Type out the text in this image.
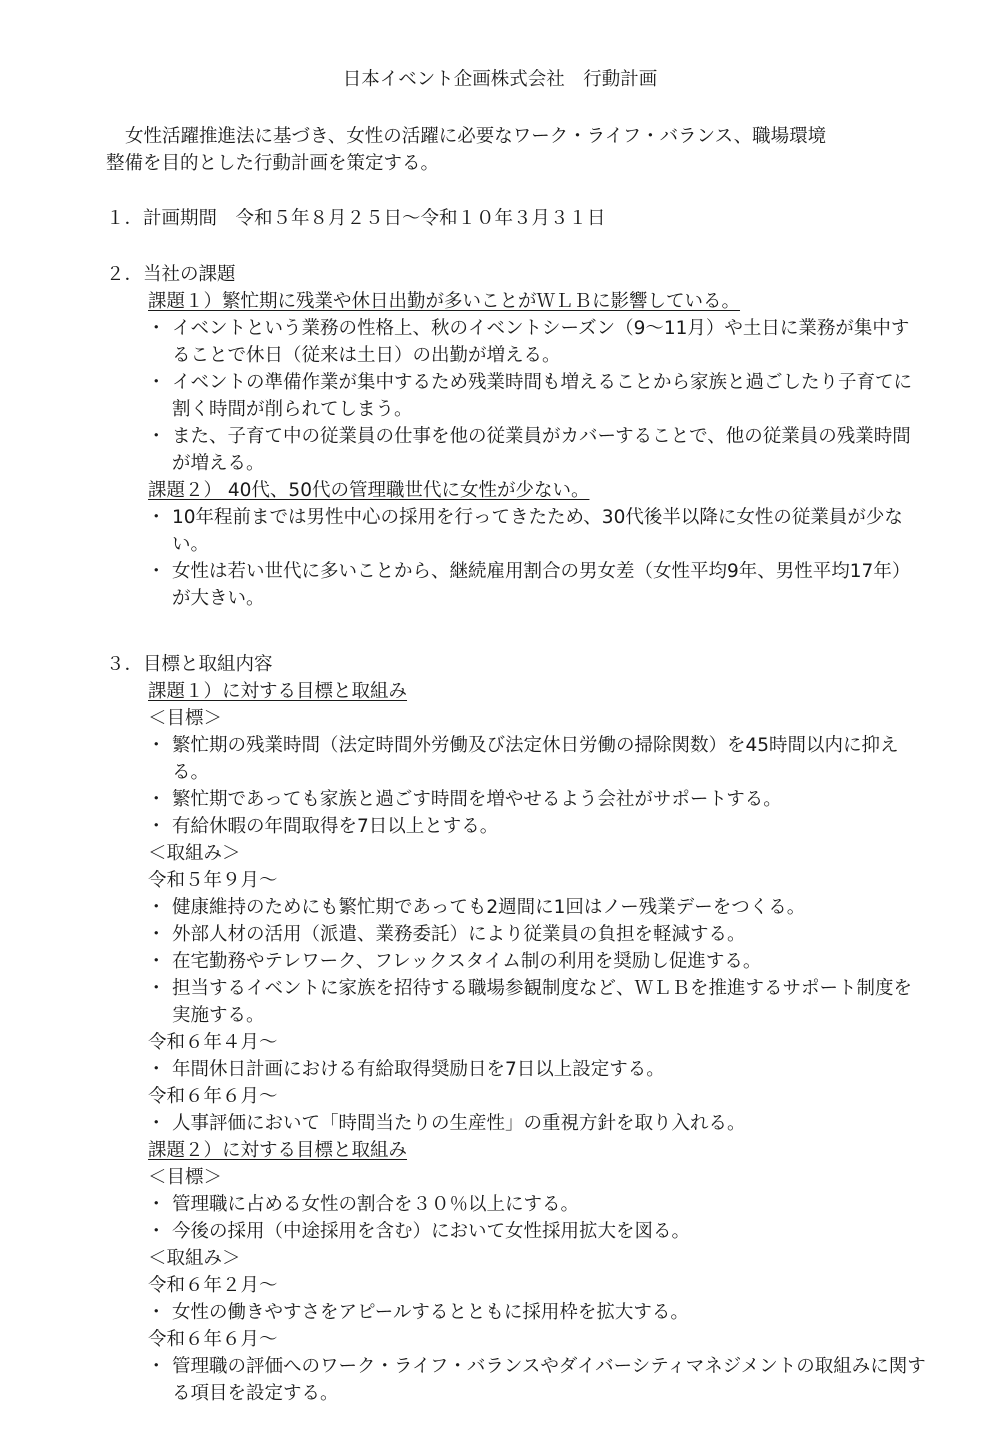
日本イベント企画株式会社　行動計画

女性活躍推進法に基づき、女性の活躍に必要なワーク・ライフ・バランス、職場環境

整備を目的とした行動計画を策定する。

１．計画期間　令和５年８月２５日～令和１０年３月３１日

２．当社の課題

課題１）繁忙期に残業や休日出勤が多いことがＷＬＢに影響している。

・ イベントという業務の性格上、秋のイベントシーズン（9～11月）や土日に業務が集中することで休日（従来は土日）の出勤が増える。
・ イベントの準備作業が集中するため残業時間も増えることから家族と過ごしたり子育てに割く時間が削られてしまう。
・ また、子育て中の従業員の仕事を他の従業員がカバーすることで、他の従業員の残業時間が増える。

課題２） 40代、50代の管理職世代に女性が少ない。

・ 10年程前までは男性中心の採用を行ってきたため、30代後半以降に女性の従業員が少ない。
・ 女性は若い世代に多いことから、継続雇用割合の男女差（女性平均9年、男性平均17年）が大きい。

３．目標と取組内容

課題１）に対する目標と取組み

＜目標＞

・ 繁忙期の残業時間（法定時間外労働及び法定休日労働の掃除関数）を45時間以内に抑える。
・ 繁忙期であっても家族と過ごす時間を増やせるよう会社がサポートする。
・ 有給休暇の年間取得を7日以上とする。

＜取組み＞

令和５年９月～

・ 健康維持のためにも繁忙期であっても2週間に1回はノー残業デーをつくる。
・ 外部人材の活用（派遣、業務委託）により従業員の負担を軽減する。
・ 在宅勤務やテレワーク、フレックスタイム制の利用を奨励し促進する。
・ 担当するイベントに家族を招待する職場参観制度など、ＷＬＢを推進するサポート制度を実施する。

令和６年４月～

・ 年間休日計画における有給取得奨励日を7日以上設定する。

令和６年６月～

・ 人事評価において「時間当たりの生産性」の重視方針を取り入れる。

課題２）に対する目標と取組み

＜目標＞

・ 管理職に占める女性の割合を３０％以上にする。
・ 今後の採用（中途採用を含む）において女性採用拡大を図る。

＜取組み＞

令和６年２月～

・ 女性の働きやすさをアピールするとともに採用枠を拡大する。

令和６年６月～

・ 管理職の評価へのワーク・ライフ・バランスやダイバーシティマネジメントの取組みに関する項目を設定する。
